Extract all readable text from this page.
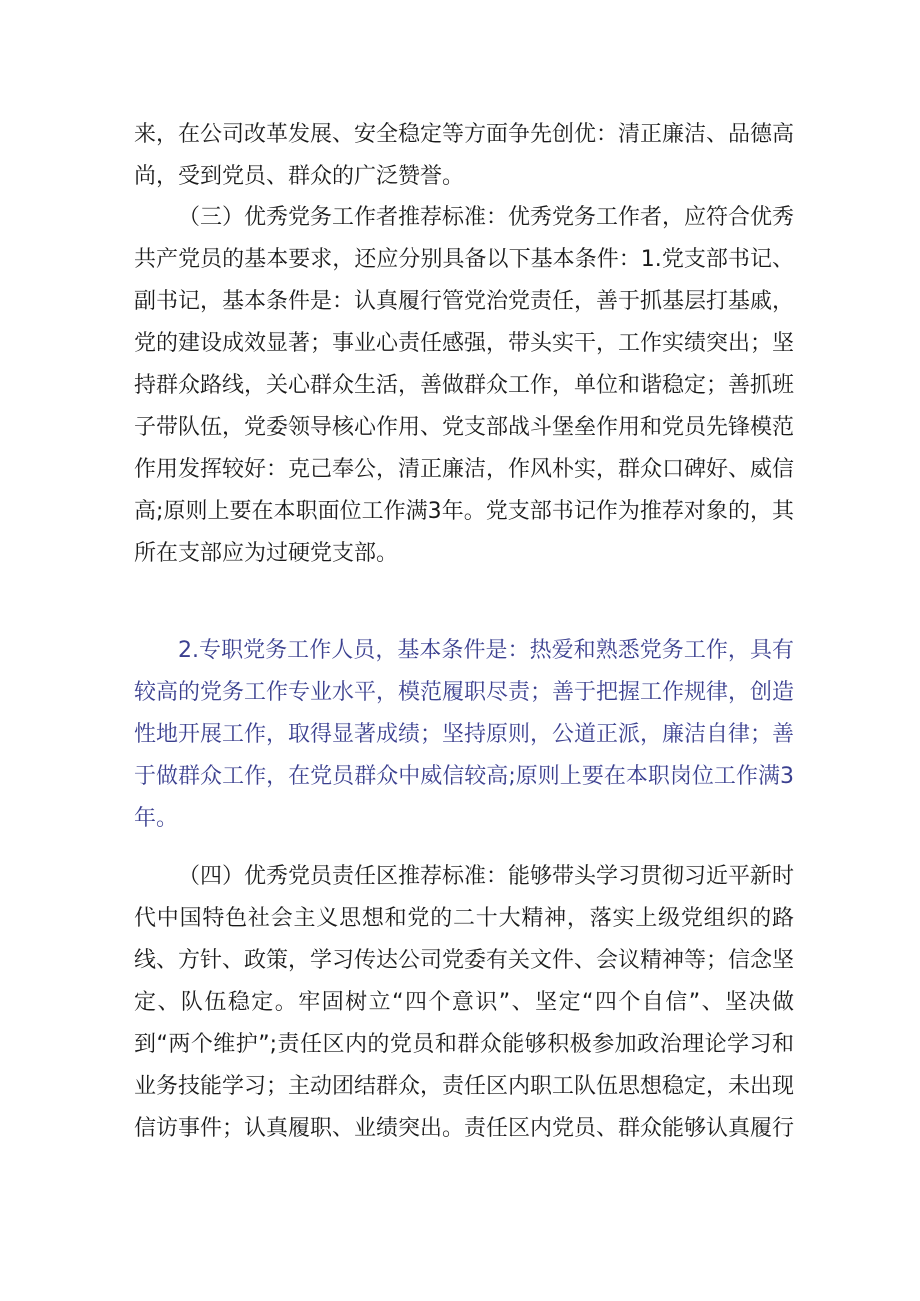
来，在公司改革发展、安全稳定等方面争先创优：清正廉洁、品德高尚，受到党员、群众的广泛赞誉。

（三）优秀党务工作者推荐标准：优秀党务工作者，应符合优秀共产党员的基本要求，还应分别具备以下基本条件：1.党支部书记、副书记，基本条件是：认真履行管党治党责任，善于抓基层打基戚，党的建设成效显著；事业心责任感强，带头实干，工作实绩突出；坚持群众路线，关心群众生活，善做群众工作，单位和谐稳定；善抓班子带队伍，党委领导核心作用、党支部战斗堡垒作用和党员先锋模范作用发挥较好：克己奉公，清正廉洁，作风朴实，群众口碑好、威信高;原则上要在本职面位工作满3年。党支部书记作为推荐对象的，其所在支部应为过硬党支部。

2.专职党务工作人员，基本条件是：热爱和熟悉党务工作，具有较高的党务工作专业水平，模范履职尽责；善于把握工作规律，创造性地开展工作，取得显著成绩；坚持原则，公道正派，廉洁自律；善于做群众工作，在党员群众中威信较高;原则上要在本职岗位工作满3年。

（四）优秀党员责任区推荐标准：能够带头学习贯彻习近平新时代中国特色社会主义思想和党的二十大精神，落实上级党组织的路线、方针、政策，学习传达公司党委有关文件、会议精神等；信念坚定、队伍稳定。牢固树立“四个意识”、坚定“四个自信”、坚决做到“两个维护”;责任区内的党员和群众能够积极参加政治理论学习和业务技能学习；主动团结群众，责任区内职工队伍思想稳定，未出现信访事件；认真履职、业绩突出。责任区内党员、群众能够认真履行
